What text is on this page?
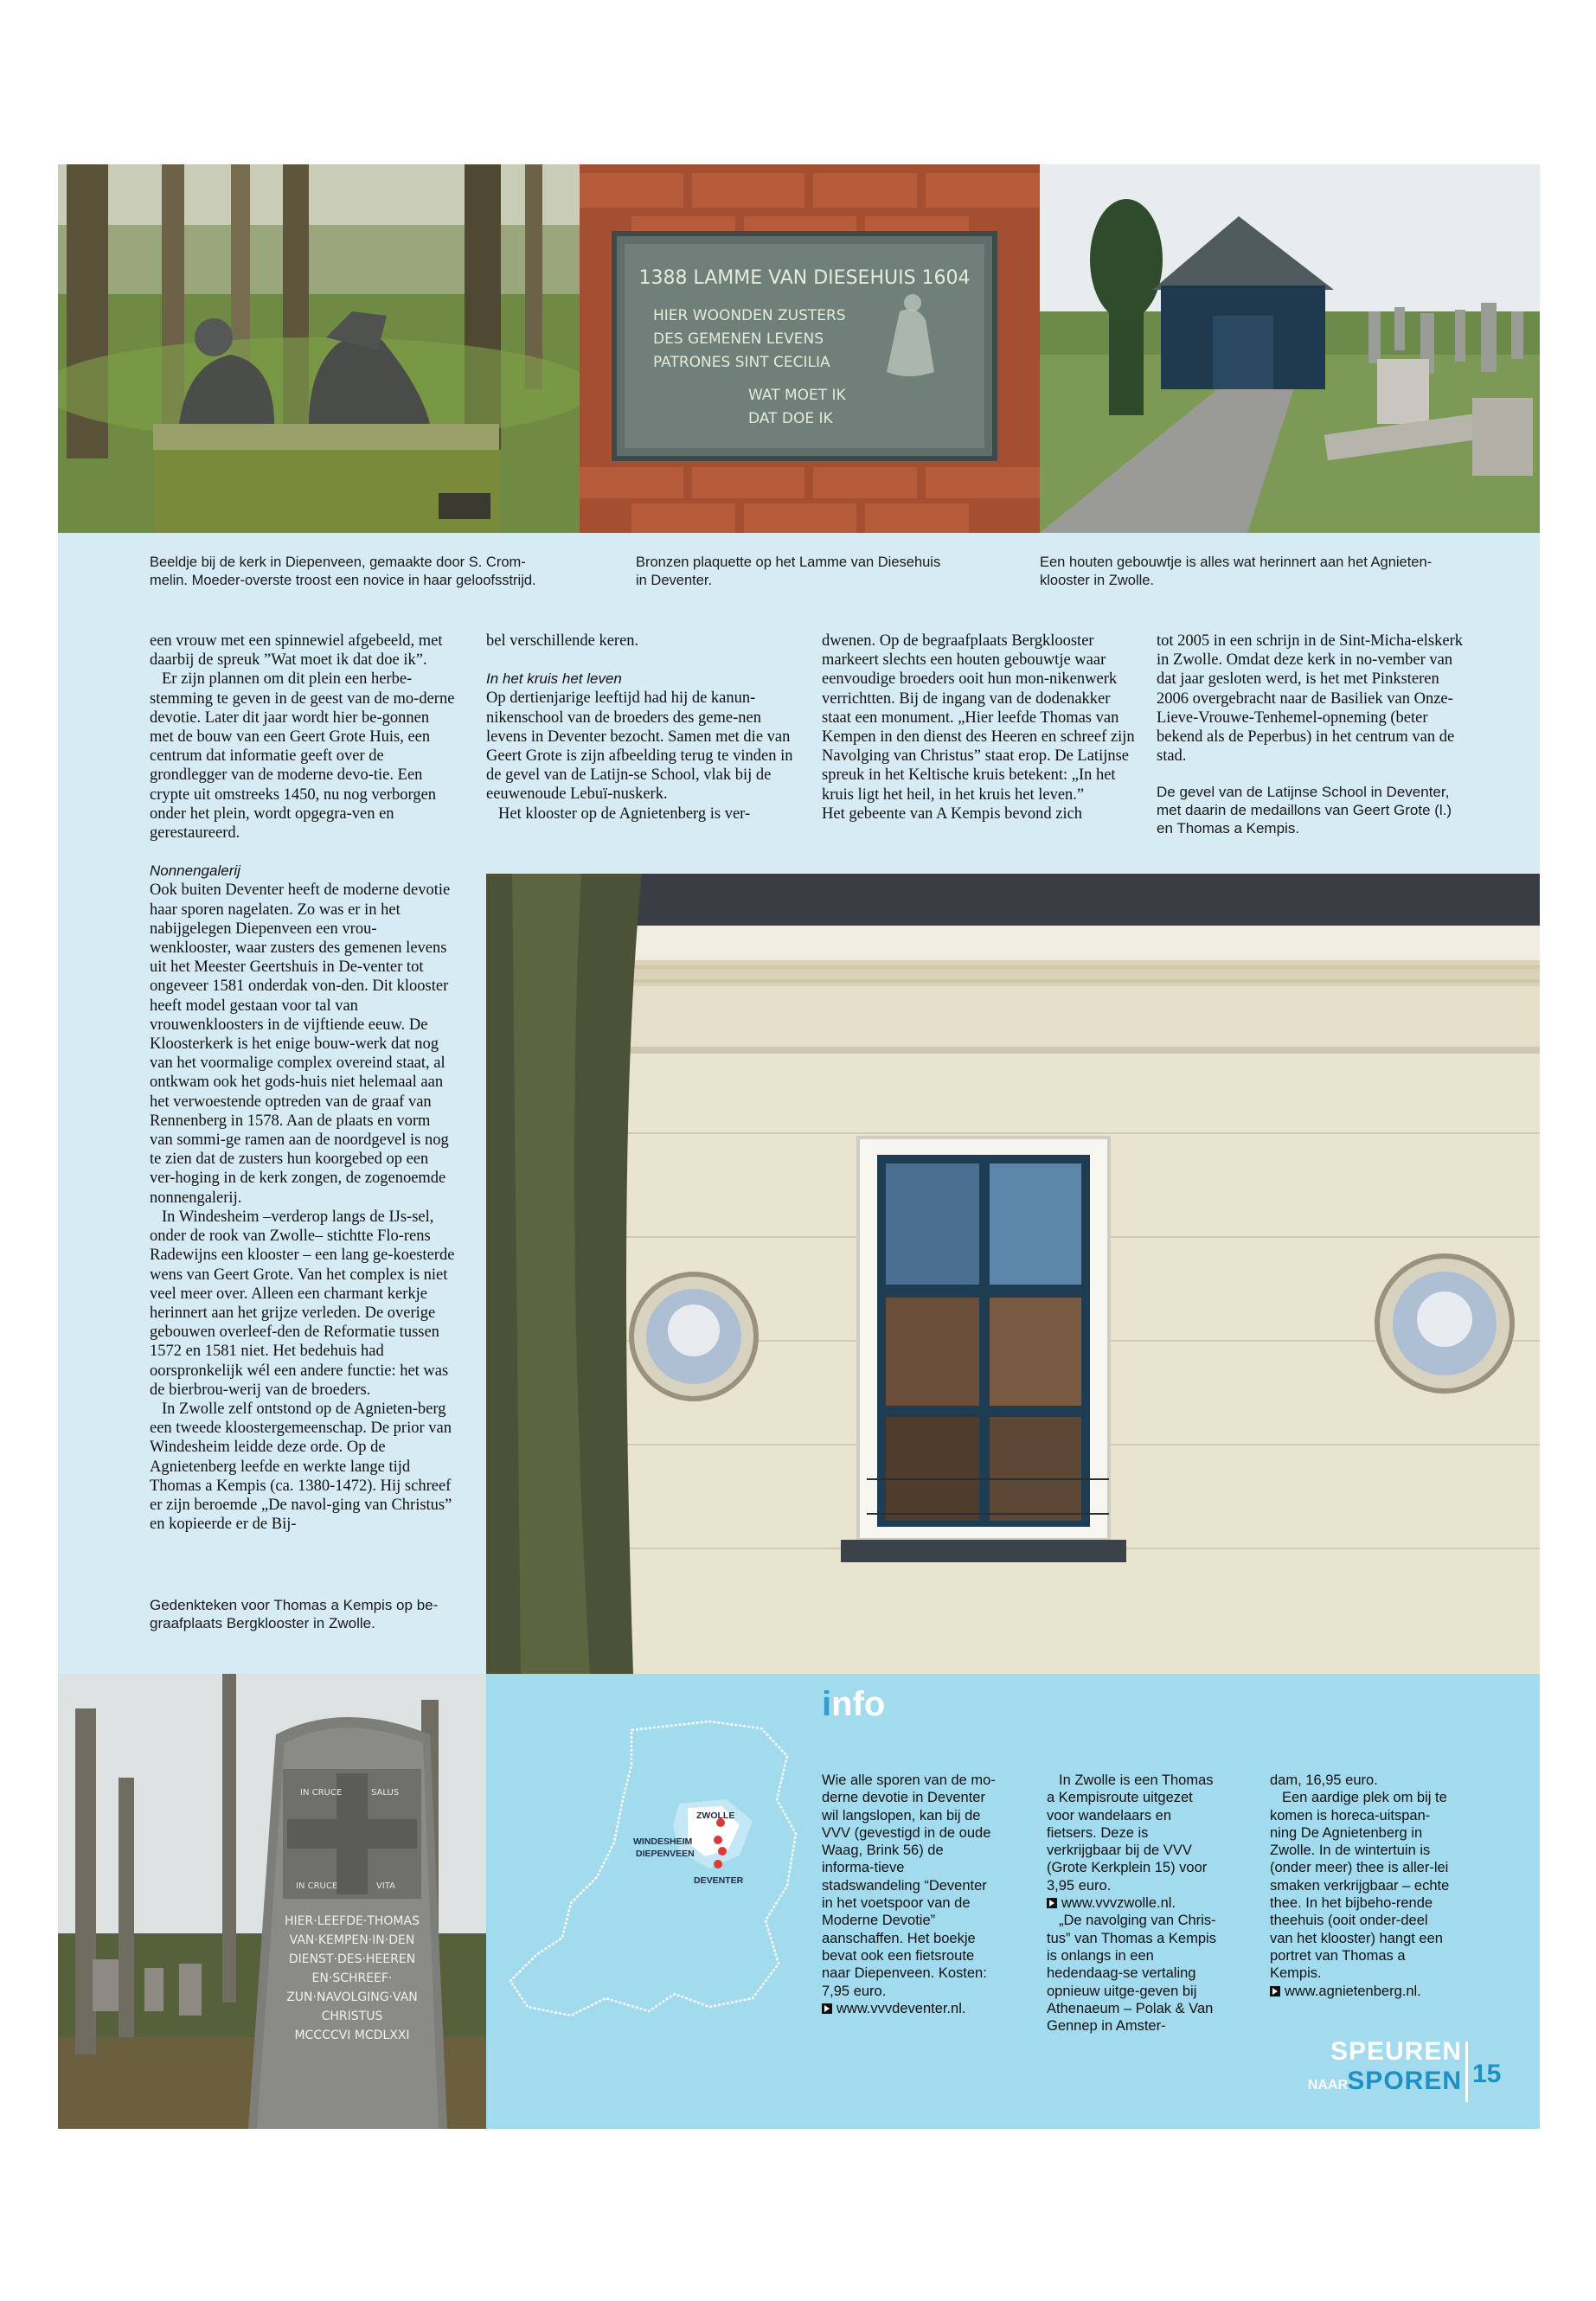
1388 LAMME VAN DIESEHUIS 1604
HIER WOONDEN ZUSTERS
DES GEMENEN LEVENS
PATRONES SINT CECILIA
WAT MOET IK
DAT DOE IK
Beeldje bij de kerk in Diepenveen, gemaakte door S. Crom-
melin. Moeder-overste troost een novice in haar geloofsstrijd.
Bronzen plaquette op het Lamme van Diesehuis
in Deventer.
Een houten gebouwtje is alles wat herinnert aan het Agnieten-
klooster in Zwolle.

een vrouw met een spinnewiel afgebeeld, met daarbij de spreuk ”Wat moet ik dat doe ik”.

Er zijn plannen om dit plein een herbe-stemming te geven in de geest van de mo-derne devotie. Later dit jaar wordt hier be-gonnen met de bouw van een Geert Grote Huis, een centrum dat informatie geeft over de grondlegger van de moderne devo-tie. Een crypte uit omstreeks 1450, nu nog verborgen onder het plein, wordt opgegra-ven en gerestaureerd.

Nonnengalerij

Ook buiten Deventer heeft de moderne devotie haar sporen nagelaten. Zo was er in het nabijgelegen Diepenveen een vrou-wenklooster, waar zusters des gemenen levens uit het Meester Geertshuis in De-venter tot ongeveer 1581 onderdak von-den. Dit klooster heeft model gestaan voor tal van vrouwenkloosters in de vijftiende eeuw. De Kloosterkerk is het enige bouw-werk dat nog van het voormalige complex overeind staat, al ontkwam ook het gods-huis niet helemaal aan het verwoestende optreden van de graaf van Rennenberg in 1578. Aan de plaats en vorm van sommi-ge ramen aan de noordgevel is nog te zien dat de zusters hun koorgebed op een ver-hoging in de kerk zongen, de zogenoemde nonnengalerij.

In Windesheim –verderop langs de IJs-sel, onder de rook van Zwolle– stichtte Flo-rens Radewijns een klooster – een lang ge-koesterde wens van Geert Grote. Van het complex is niet veel meer over. Alleen een charmant kerkje herinnert aan het grijze verleden. De overige gebouwen overleef-den de Reformatie tussen 1572 en 1581 niet. Het bedehuis had oorspronkelijk wél een andere functie: het was de bierbrou-werij van de broeders.

In Zwolle zelf ontstond op de Agnieten-berg een tweede kloostergemeenschap. De prior van Windesheim leidde deze orde. Op de Agnietenberg leefde en werkte lange tijd Thomas a Kempis (ca. 1380-1472). Hij schreef er zijn beroemde „De navol-ging van Christus” en kopieerde er de Bij-

bel verschillende keren.

In het kruis het leven

Op dertienjarige leeftijd had hij de kanun-nikenschool van de broeders des geme-nen levens in Deventer bezocht. Samen met die van Geert Grote is zijn afbeelding terug te vinden in de gevel van de Latijn-se School, vlak bij de eeuwenoude Lebuï-nuskerk.

Het klooster op de Agnietenberg is ver-

dwenen. Op de begraafplaats Bergklooster markeert slechts een houten gebouwtje waar eenvoudige broeders ooit hun mon-nikenwerk verrichtten. Bij de ingang van de dodenakker staat een monument. „Hier leefde Thomas van Kempen in den dienst des Heeren en schreef zijn Navolging van Christus” staat erop. De Latijnse spreuk in het Keltische kruis betekent: „In het kruis ligt het heil, in het kruis het leven.”

Het gebeente van A Kempis bevond zich

tot 2005 in een schrijn in de Sint-Micha-elskerk in Zwolle. Omdat deze kerk in no-vember van dat jaar gesloten werd, is het met Pinksteren 2006 overgebracht naar de Basiliek van Onze-Lieve-Vrouwe-Tenhemel-opneming (beter bekend als de Peperbus) in het centrum van de stad.

De gevel van de Latijnse School in Deventer, met daarin de medaillons van Geert Grote (l.) en Thomas a Kempis.

Gedenkteken voor Thomas a Kempis op be-graafplaats Bergklooster in Zwolle.
IN CRUCE	SALUS
IN CRUCE	VITA
HIER·LEEFDE·THOMAS
VAN·KEMPEN·IN·DEN
DIENST·DES·HEEREN
EN·SCHREEF·
ZUN·NAVOLGING·VAN
CHRISTUS
MCCCCVI MCDLXXI
info
ZWOLLE
WINDESHEIM
DIEPENVEEN
DEVENTER

Wie alle sporen van de mo-derne devotie in Deventer wil langslopen, kan bij de VVV (gevestigd in de oude Waag, Brink 56) de informa-tieve stadswandeling “Deventer in het voetspoor van de Moderne Devotie” aanschaffen. Het boekje bevat ook een fietsroute naar Diepenveen. Kosten: 7,95 euro.

www.vvvdeventer.nl.

In Zwolle is een Thomas a Kempisroute uitgezet voor wandelaars en fietsers. Deze is verkrijgbaar bij de VVV (Grote Kerkplein 15) voor 3,95 euro.

www.vvvzwolle.nl.

„De navolging van Chris-tus” van Thomas a Kempis is onlangs in een hedendaag-se vertaling opnieuw uitge-geven bij Athenaeum – Polak & Van Gennep in Amster-

dam, 16,95 euro.

Een aardige plek om bij te komen is horeca-uitspan-ning De Agnietenberg in Zwolle. In de wintertuin is (onder meer) thee is aller-lei smaken verkrijgbaar – echte thee. In het bijbeho-rende theehuis (ooit onder-deel van het klooster) hangt een portret van Thomas a Kempis.

www.agnietenberg.nl.

SPEUREN
SPOREN
NAAR	15
